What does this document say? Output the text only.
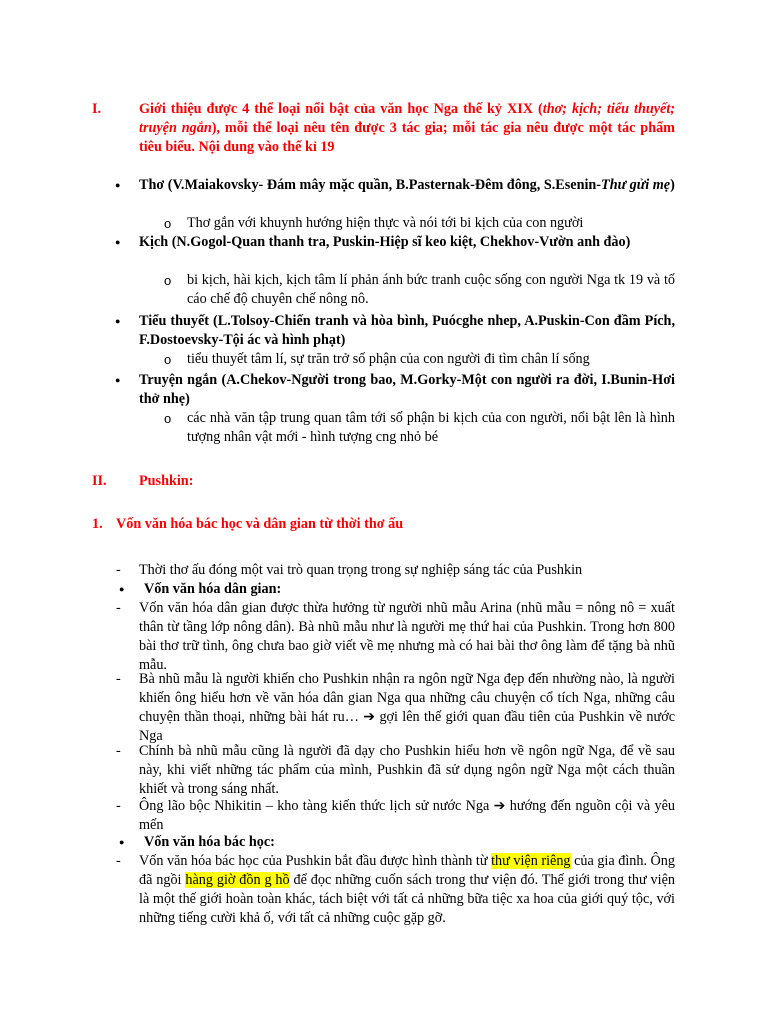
I.	Giới thiệu được 4 thể loại nổi bật của văn học Nga thế kỷ XIX (thơ; kịch; tiểu thuyết; truyện ngắn), mỗi thể loại nêu tên được 3 tác gia; mỗi tác gia nêu được một tác phẩm tiêu biểu. Nội dung vào thế kỉ 19
● Thơ (V.Maiakovsky- Đám mây mặc quần, B.Pasternak-Đêm đông, S.Esenin-Thư gửi mẹ)
o Thơ gắn với khuynh hướng hiện thực và nói tới bi kịch của con người
● Kịch (N.Gogol-Quan thanh tra, Puskin-Hiệp sĩ keo kiệt, Chekhov-Vườn anh đào)
o bi kịch, hài kịch, kịch tâm lí phản ánh bức tranh cuộc sống con người Nga tk 19 và tố cáo chế độ chuyên chế nông nô.
● Tiểu thuyết (L.Tolsoy-Chiến tranh và hòa bình, Puócghe nhep, A.Puskin-Con đầm Pích, F.Dostoevsky-Tội ác và hình phạt)
o tiểu thuyết tâm lí, sự trăn trở số phận của con người đi tìm chân lí sống
● Truyện ngắn (A.Chekov-Người trong bao, M.Gorky-Một con người ra đời, I.Bunin-Hơi thở nhẹ)
o các nhà văn tập trung quan tâm tới số phận bi kịch của con người, nổi bật lên là hình tượng nhân vật mới - hình tượng cng nhỏ bé
II. Pushkin:
1. Vốn văn hóa bác học và dân gian từ thời thơ ấu
- Thời thơ ấu đóng một vai trò quan trọng trong sự nghiệp sáng tác của Pushkin
● Vốn văn hóa dân gian:
- Vốn văn hóa dân gian được thừa hưởng từ người nhũ mẫu Arina (nhũ mẫu = nông nô = xuất thân từ tầng lớp nông dân). Bà nhũ mẫu như là người mẹ thứ hai của Pushkin. Trong hơn 800 bài thơ trữ tình, ông chưa bao giờ viết về mẹ nhưng mà có hai bài thơ ông làm để tặng bà nhũ mẫu.
- Bà nhũ mẫu là người khiến cho Pushkin nhận ra ngôn ngữ Nga đẹp đến nhường nào, là người khiến ông hiểu hơn về văn hóa dân gian Nga qua những câu chuyện cổ tích Nga, những câu chuyện thần thoại, những bài hát ru… ➔ gợi lên thế giới quan đầu tiên của Pushkin về nước Nga
- Chính bà nhũ mẫu cũng là người đã dạy cho Pushkin hiểu hơn về ngôn ngữ Nga, để về sau này, khi viết những tác phẩm của mình, Pushkin đã sử dụng ngôn ngữ Nga một cách thuần khiết và trong sáng nhất.
- Ông lão bộc Nhikitin – kho tàng kiến thức lịch sử nước Nga ➔ hướng đến nguồn cội và yêu mến
● Vốn văn hóa bác học:
- Vốn văn hóa bác học của Pushkin bắt đầu được hình thành từ thư viện riêng của gia đình. Ông đã ngồi hàng giờ đồn g hồ để đọc những cuốn sách trong thư viện đó. Thế giới trong thư viện là một thế giới hoàn toàn khác, tách biệt với tất cả những bữa tiệc xa hoa của giới quý tộc, với những tiếng cười khả ố, với tất cả những cuộc gặp gỡ.
